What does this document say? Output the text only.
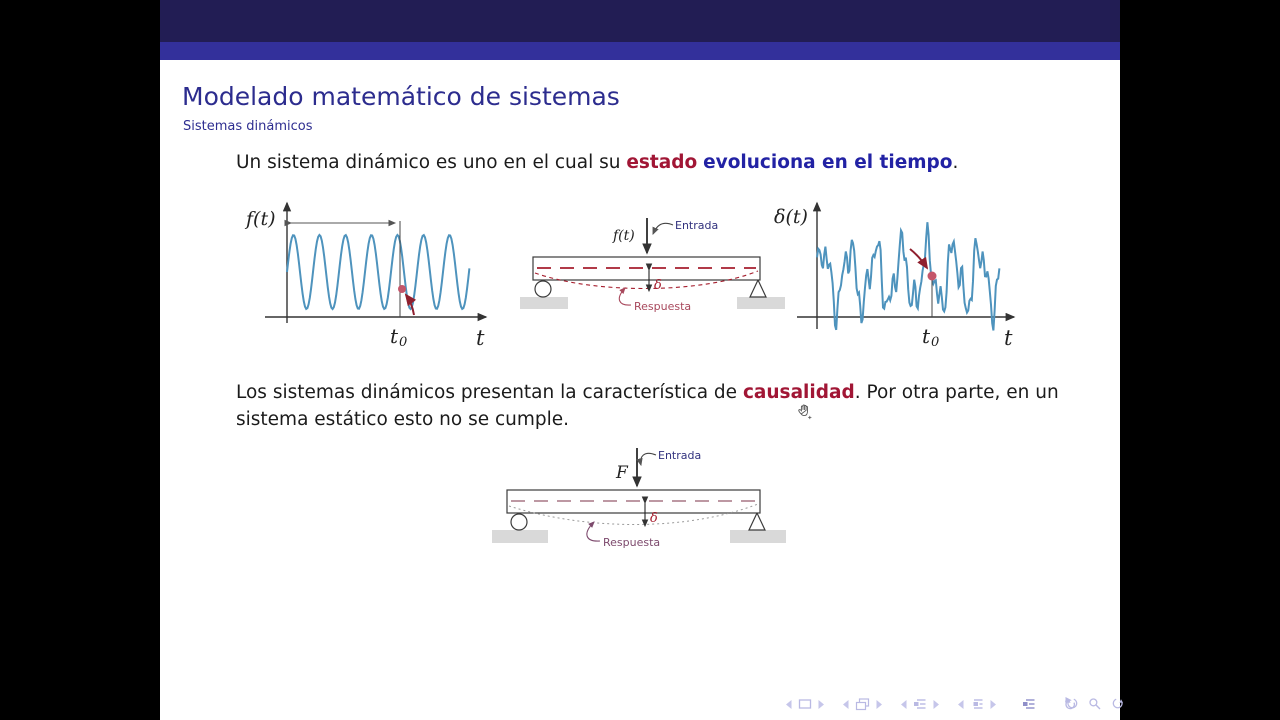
Modelado matemático de sistemas
Sistemas dinámicos
Un sistema dinámico es uno en el cual su estado evoluciona en el tiempo.
f(t)
t 0	t
f(t)
Entrada
δ
Respuesta
δ(t)
t 0	t
Los sistemas dinámicos presentan la característica de causalidad. Por otra parte, en un sistema estático esto no se cumple.
F
Entrada
δ
Respuesta
